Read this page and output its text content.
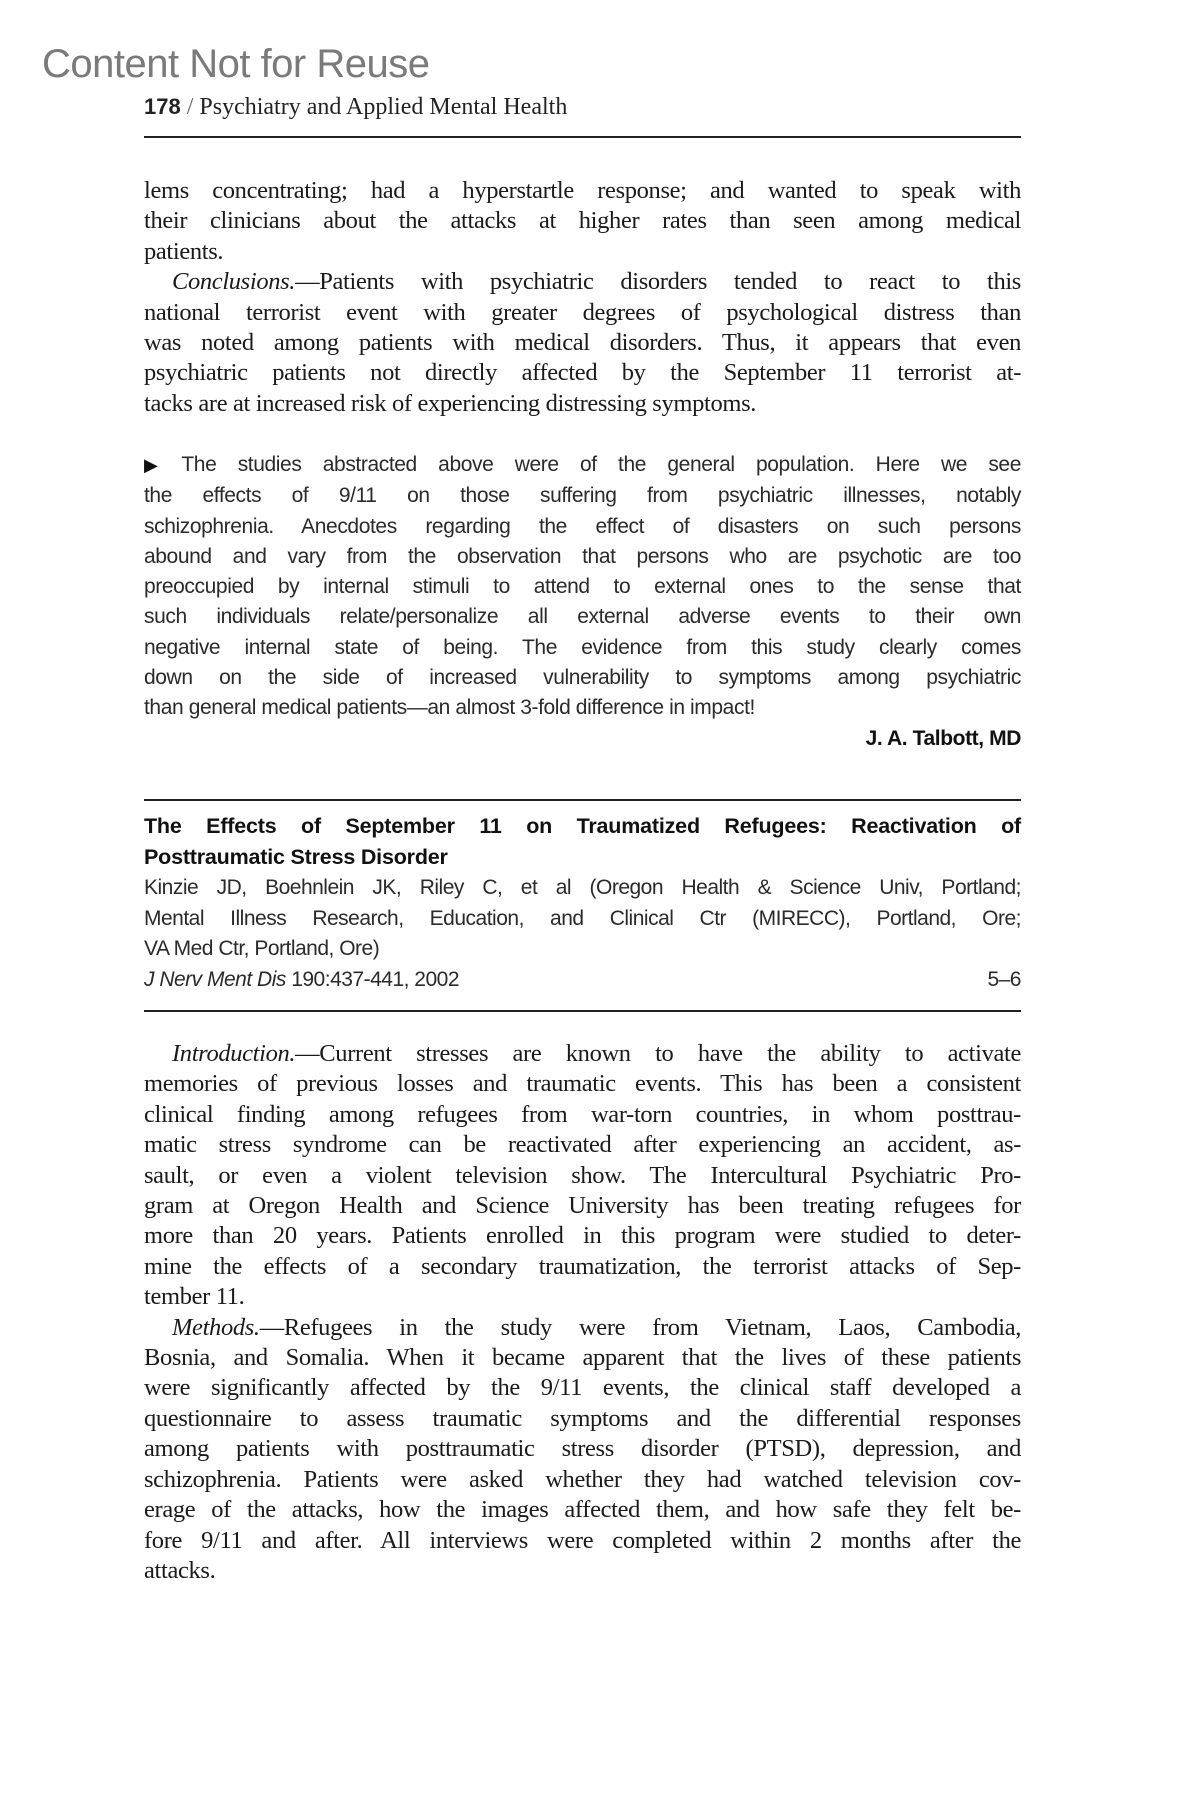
Content Not for Reuse
178 / Psychiatry and Applied Mental Health
lems concentrating; had a hyperstartle response; and wanted to speak with
their clinicians about the attacks at higher rates than seen among medical
patients.
Conclusions.—Patients with psychiatric disorders tended to react to this
national terrorist event with greater degrees of psychological distress than
was noted among patients with medical disorders. Thus, it appears that even
psychiatric patients not directly affected by the September 11 terrorist at-
tacks are at increased risk of experiencing distressing symptoms.
▶ The studies abstracted above were of the general population. Here we see
the effects of 9/11 on those suffering from psychiatric illnesses, notably
schizophrenia. Anecdotes regarding the effect of disasters on such persons
abound and vary from the observation that persons who are psychotic are too
preoccupied by internal stimuli to attend to external ones to the sense that
such individuals relate/personalize all external adverse events to their own
negative internal state of being. The evidence from this study clearly comes
down on the side of increased vulnerability to symptoms among psychiatric
than general medical patients—an almost 3-fold difference in impact!
J. A. Talbott, MD
The Effects of September 11 on Traumatized Refugees: Reactivation of
Posttraumatic Stress Disorder
Kinzie JD, Boehnlein JK, Riley C, et al (Oregon Health & Science Univ, Portland;
Mental Illness Research, Education, and Clinical Ctr (MIRECC), Portland, Ore;
VA Med Ctr, Portland, Ore)
J Nerv Ment Dis 190:437-441, 2002	5–6
Introduction.—Current stresses are known to have the ability to activate
memories of previous losses and traumatic events. This has been a consistent
clinical finding among refugees from war-torn countries, in whom posttrau-
matic stress syndrome can be reactivated after experiencing an accident, as-
sault, or even a violent television show. The Intercultural Psychiatric Pro-
gram at Oregon Health and Science University has been treating refugees for
more than 20 years. Patients enrolled in this program were studied to deter-
mine the effects of a secondary traumatization, the terrorist attacks of Sep-
tember 11.
Methods.—Refugees in the study were from Vietnam, Laos, Cambodia,
Bosnia, and Somalia. When it became apparent that the lives of these patients
were significantly affected by the 9/11 events, the clinical staff developed a
questionnaire to assess traumatic symptoms and the differential responses
among patients with posttraumatic stress disorder (PTSD), depression, and
schizophrenia. Patients were asked whether they had watched television cov-
erage of the attacks, how the images affected them, and how safe they felt be-
fore 9/11 and after. All interviews were completed within 2 months after the
attacks.
